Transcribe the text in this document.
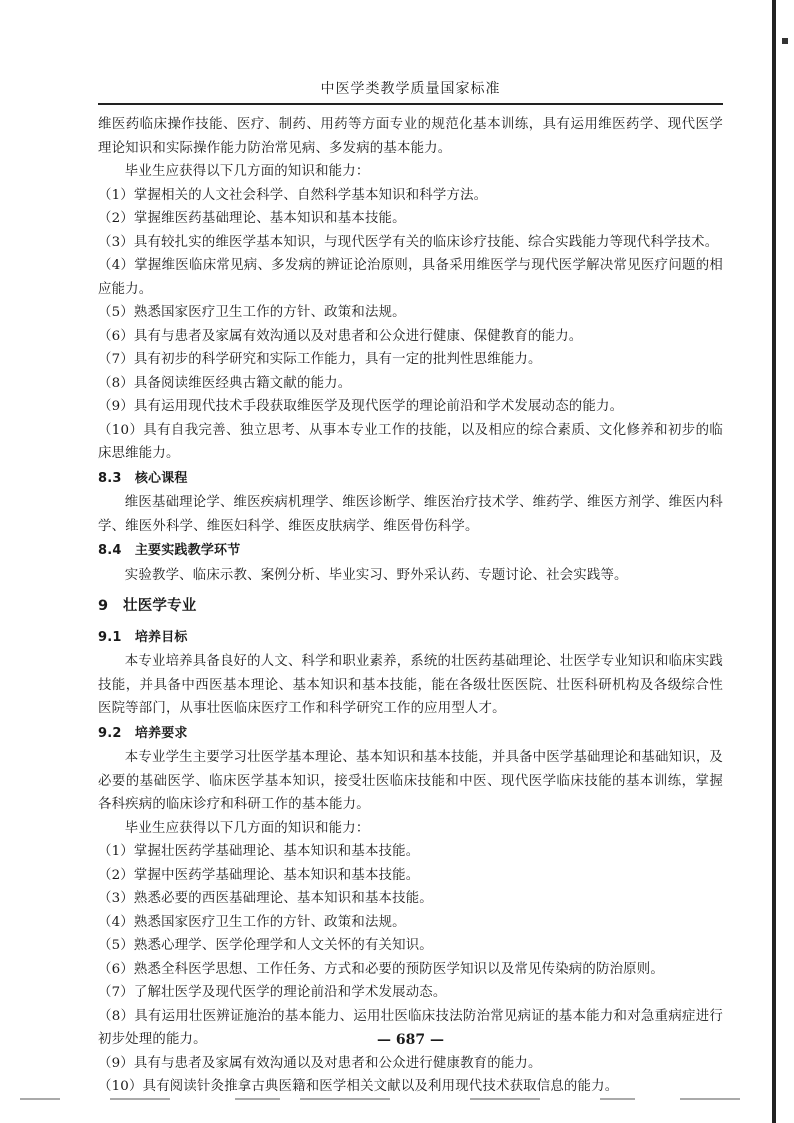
中医学类教学质量国家标准

维医药临床操作技能、医疗、制药、用药等方面专业的规范化基本训练，具有运用维医药学、现代医学理论知识和实际操作能力防治常见病、多发病的基本能力。

毕业生应获得以下几方面的知识和能力：

（1）掌握相关的人文社会科学、自然科学基本知识和科学方法。

（2）掌握维医药基础理论、基本知识和基本技能。

（3）具有较扎实的维医学基本知识，与现代医学有关的临床诊疗技能、综合实践能力等现代科学技术。

（4）掌握维医临床常见病、多发病的辨证论治原则，具备采用维医学与现代医学解决常见医疗问题的相应能力。

（5）熟悉国家医疗卫生工作的方针、政策和法规。

（6）具有与患者及家属有效沟通以及对患者和公众进行健康、保健教育的能力。

（7）具有初步的科学研究和实际工作能力，具有一定的批判性思维能力。

（8）具备阅读维医经典古籍文献的能力。

（9）具有运用现代技术手段获取维医学及现代医学的理论前沿和学术发展动态的能力。

（10）具有自我完善、独立思考、从事本专业工作的技能，以及相应的综合素质、文化修养和初步的临床思维能力。

8.3　核心课程

维医基础理论学、维医疾病机理学、维医诊断学、维医治疗技术学、维药学、维医方剂学、维医内科学、维医外科学、维医妇科学、维医皮肤病学、维医骨伤科学。

8.4　主要实践教学环节

实验教学、临床示教、案例分析、毕业实习、野外采认药、专题讨论、社会实践等。

9　壮医学专业

9.1　培养目标

本专业培养具备良好的人文、科学和职业素养，系统的壮医药基础理论、壮医学专业知识和临床实践技能，并具备中西医基本理论、基本知识和基本技能，能在各级壮医医院、壮医科研机构及各级综合性医院等部门，从事壮医临床医疗工作和科学研究工作的应用型人才。

9.2　培养要求

本专业学生主要学习壮医学基本理论、基本知识和基本技能，并具备中医学基础理论和基础知识，及必要的基础医学、临床医学基本知识，接受壮医临床技能和中医、现代医学临床技能的基本训练，掌握各科疾病的临床诊疗和科研工作的基本能力。

毕业生应获得以下几方面的知识和能力：

（1）掌握壮医药学基础理论、基本知识和基本技能。

（2）掌握中医药学基础理论、基本知识和基本技能。

（3）熟悉必要的西医基础理论、基本知识和基本技能。

（4）熟悉国家医疗卫生工作的方针、政策和法规。

（5）熟悉心理学、医学伦理学和人文关怀的有关知识。

（6）熟悉全科医学思想、工作任务、方式和必要的预防医学知识以及常见传染病的防治原则。

（7）了解壮医学及现代医学的理论前沿和学术发展动态。

（8）具有运用壮医辨证施治的基本能力、运用壮医临床技法防治常见病证的基本能力和对急重病症进行初步处理的能力。

（9）具有与患者及家属有效沟通以及对患者和公众进行健康教育的能力。

（10）具有阅读针灸推拿古典医籍和医学相关文献以及利用现代技术获取信息的能力。

— 687 —
